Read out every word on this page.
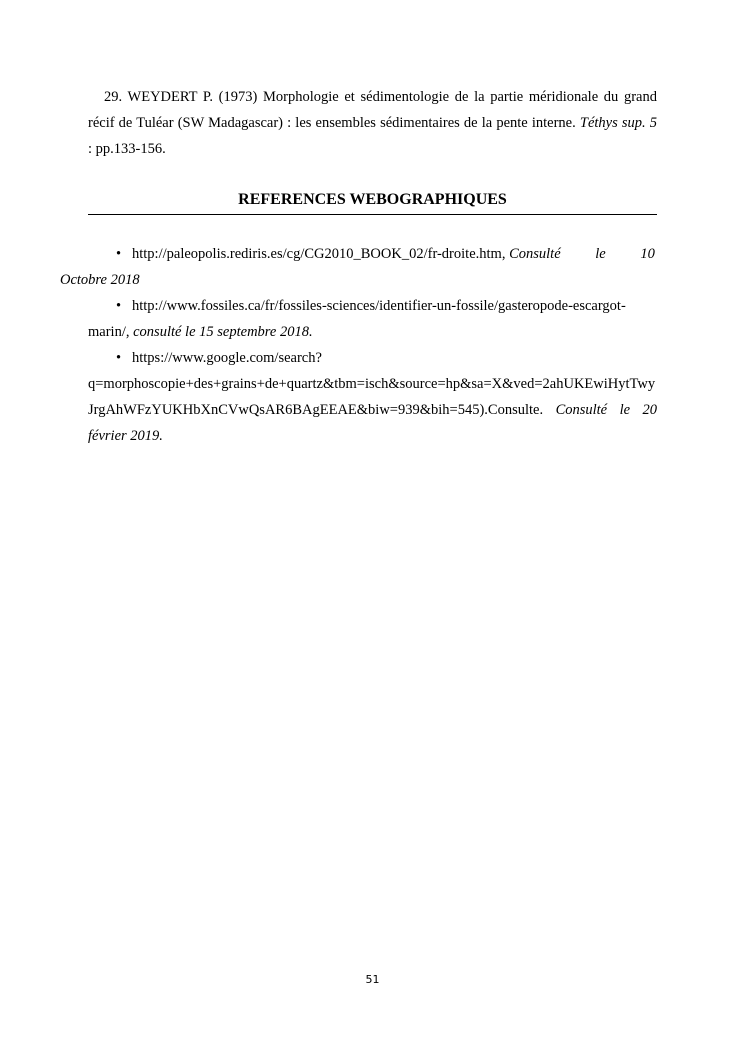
29. WEYDERT P. (1973) Morphologie et sédimentologie de la partie méridionale du grand récif de Tuléar (SW Madagascar) : les ensembles sédimentaires de la pente interne. Téthys sup. 5 : pp.133-156.

REFERENCES WEBOGRAPHIQUES

• http://paleopolis.rediris.es/cg/CG2010_BOOK_02/fr-droite.htm, Consulté le 10
Octobre 2018

• http://www.fossiles.ca/fr/fossiles-sciences/identifier-un-fossile/gasteropode-escargot-marin/, consulté le 15 septembre 2018.

• https://www.google.com/search?q=morphoscopie+des+grains+de+quartz&tbm=isch&source=hp&sa=X&ved=2ahUKEwiHytTwyJrgAhWFzYUKHbXnCVwQsAR6BAgEEAE&biw=939&bih=545).Consulte. Consulté le 20 février 2019.

51
